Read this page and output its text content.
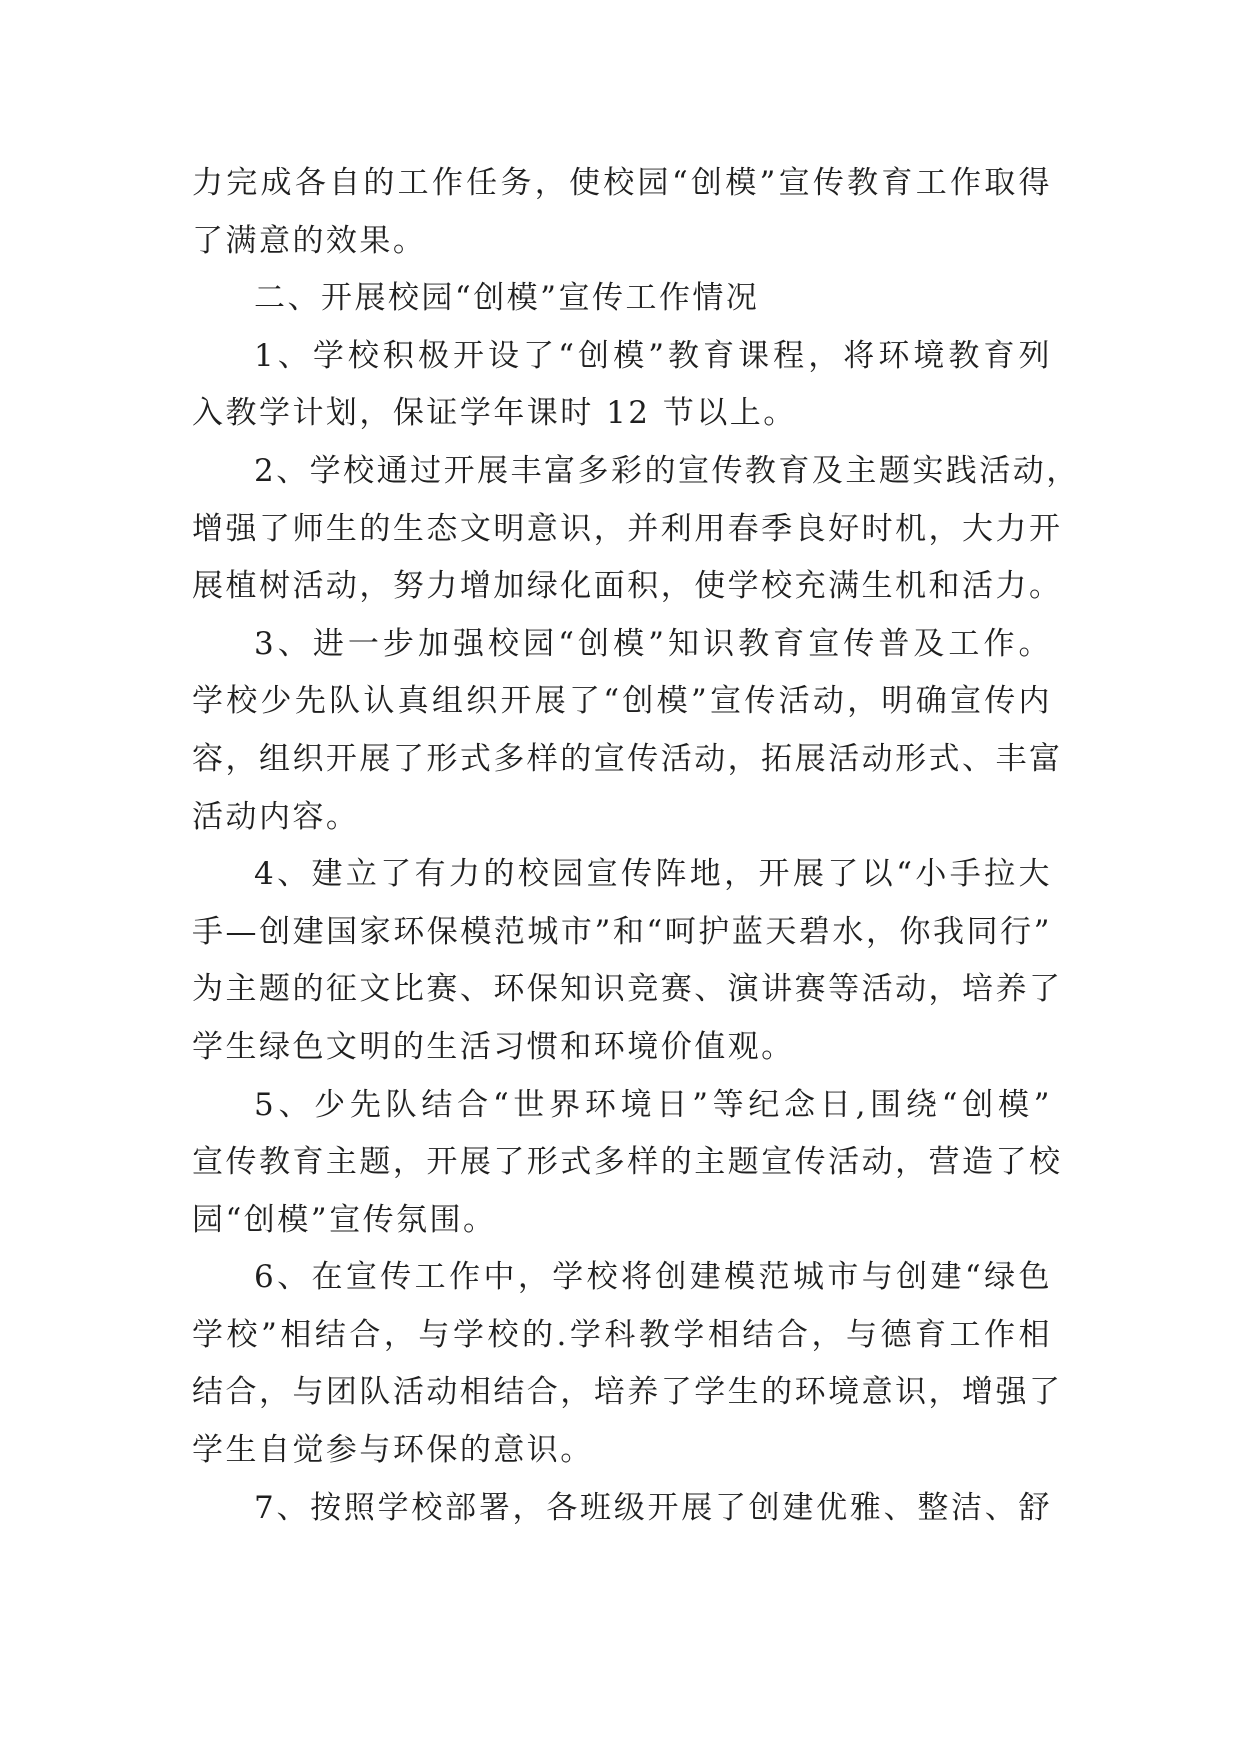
力完成各自的工作任务，使校园“创模”宣传教育工作取得
了满意的效果。
二、开展校园“创模”宣传工作情况
1、学校积极开设了“创模”教育课程，将环境教育列
入教学计划，保证学年课时 12 节以上。
2、学校通过开展丰富多彩的宣传教育及主题实践活动，
增强了师生的生态文明意识，并利用春季良好时机，大力开
展植树活动，努力增加绿化面积，使学校充满生机和活力。
3、进一步加强校园“创模”知识教育宣传普及工作。
学校少先队认真组织开展了“创模”宣传活动，明确宣传内
容，组织开展了形式多样的宣传活动，拓展活动形式、丰富
活动内容。
4、建立了有力的校园宣传阵地，开展了以“小手拉大
手—创建国家环保模范城市”和“呵护蓝天碧水，你我同行”
为主题的征文比赛、环保知识竞赛、演讲赛等活动，培养了
学生绿色文明的生活习惯和环境价值观。
5、少先队结合“世界环境日”等纪念日,围绕“创模”
宣传教育主题，开展了形式多样的主题宣传活动，营造了校
园“创模”宣传氛围。
6、在宣传工作中，学校将创建模范城市与创建“绿色
学校”相结合，与学校的.学科教学相结合，与德育工作相
结合，与团队活动相结合，培养了学生的环境意识，增强了
学生自觉参与环保的意识。
7、按照学校部署，各班级开展了创建优雅、整洁、舒
